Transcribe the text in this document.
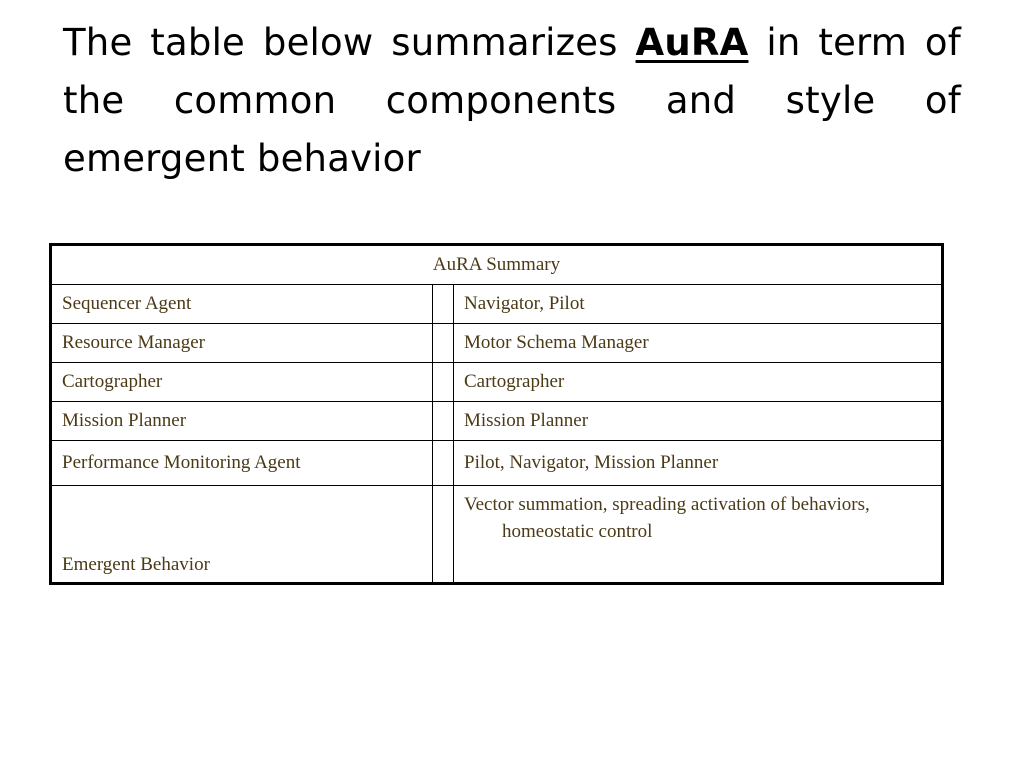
The table below summarizes AuRA in term of the common components and style of emergent behavior
AuRA Summary		
Sequencer Agent		Navigator, Pilot
Resource Manager		Motor Schema Manager
Cartographer		Cartographer
Mission Planner		Mission Planner
Performance Monitoring Agent		Pilot, Navigator, Mission Planner
Emergent Behavior		Vector summation, spreading activation of behaviors, homeostatic control
